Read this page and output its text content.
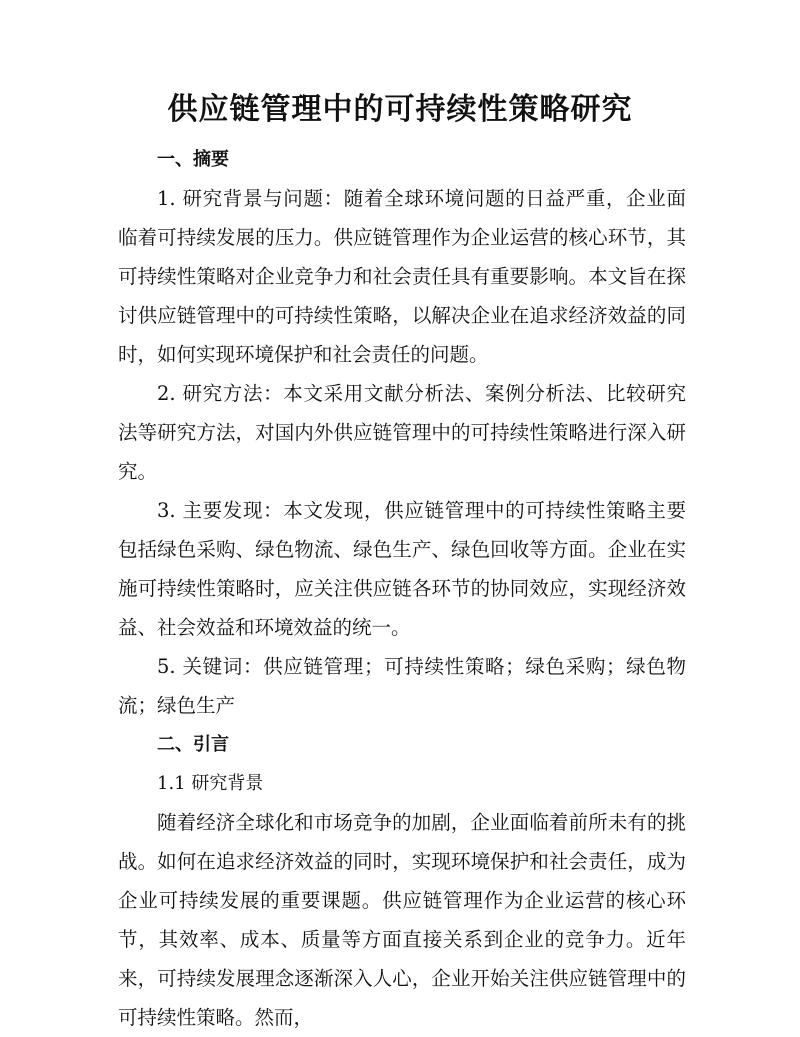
供应链管理中的可持续性策略研究

一、摘要

1. 研究背景与问题：随着全球环境问题的日益严重，企业面临着可持续发展的压力。供应链管理作为企业运营的核心环节，其可持续性策略对企业竞争力和社会责任具有重要影响。本文旨在探讨供应链管理中的可持续性策略，以解决企业在追求经济效益的同时，如何实现环境保护和社会责任的问题。

2. 研究方法：本文采用文献分析法、案例分析法、比较研究法等研究方法，对国内外供应链管理中的可持续性策略进行深入研究。

3. 主要发现：本文发现，供应链管理中的可持续性策略主要包括绿色采购、绿色物流、绿色生产、绿色回收等方面。企业在实施可持续性策略时，应关注供应链各环节的协同效应，实现经济效益、社会效益和环境效益的统一。

5. 关键词：供应链管理；可持续性策略；绿色采购；绿色物流；绿色生产

二、引言

1.1 研究背景

随着经济全球化和市场竞争的加剧，企业面临着前所未有的挑战。如何在追求经济效益的同时，实现环境保护和社会责任，成为企业可持续发展的重要课题。供应链管理作为企业运营的核心环节，其效率、成本、质量等方面直接关系到企业的竞争力。近年来，可持续发展理念逐渐深入人心，企业开始关注供应链管理中的可持续性策略。然而，
